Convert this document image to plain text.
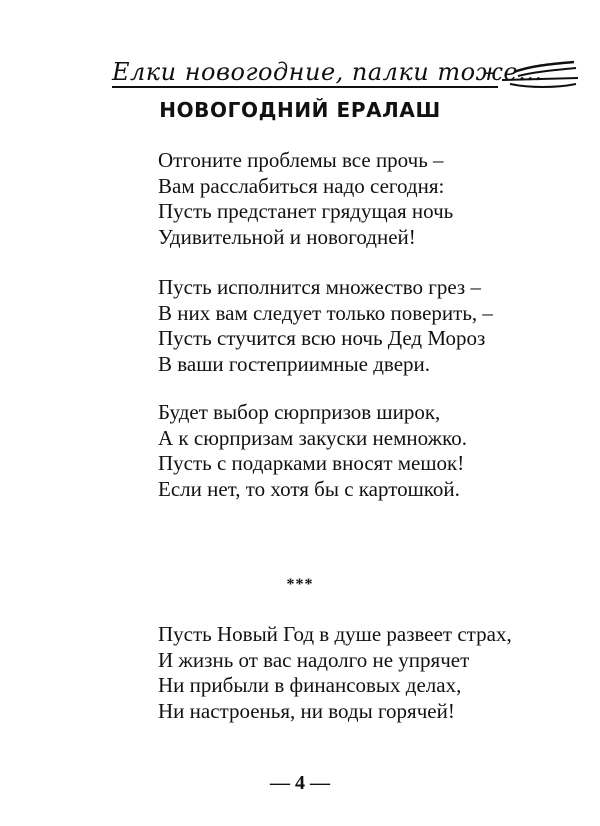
Елки новогодние, палки тоже...
НОВОГОДНИЙ ЕРАЛАШ
Отгоните проблемы все прочь –
Вам расслабиться надо сегодня:
Пусть предстанет грядущая ночь
Удивительной и новогодней!
Пусть исполнится множество грез –
В них вам следует только поверить, –
Пусть стучится всю ночь Дед Мороз
В ваши гостеприимные двери.
Будет выбор сюрпризов широк,
А к сюрпризам закуски немножко.
Пусть с подарками вносят мешок!
Если нет, то хотя бы с картошкой.
***
Пусть Новый Год в душе развеет страх,
И жизнь от вас надолго не упрячет
Ни прибыли в финансовых делах,
Ни настроенья, ни воды горячей!
— 4 —
